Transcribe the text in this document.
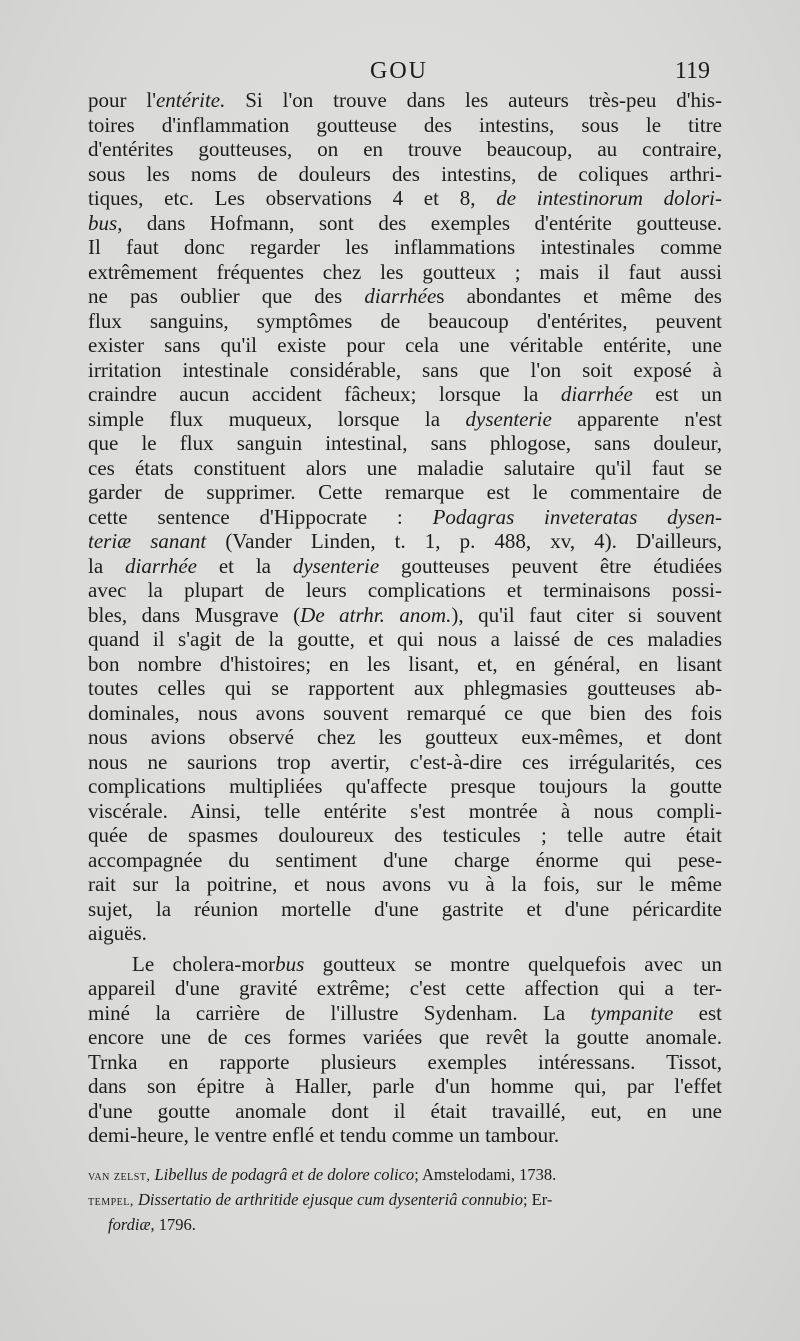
GOU	119
pour l'entérite. Si l'on trouve dans les auteurs très-peu d'his-
toires d'inflammation goutteuse des intestins, sous le titre
d'entérites goutteuses, on en trouve beaucoup, au contraire,
sous les noms de douleurs des intestins, de coliques arthri-
tiques, etc. Les observations 4 et 8, de intestinorum dolori-
bus, dans Hofmann, sont des exemples d'entérite goutteuse.
Il faut donc regarder les inflammations intestinales comme
extrêmement fréquentes chez les goutteux ; mais il faut aussi
ne pas oublier que des diarrhées abondantes et même des
flux sanguins, symptômes de beaucoup d'entérites, peuvent
exister sans qu'il existe pour cela une véritable entérite, une
irritation intestinale considérable, sans que l'on soit exposé à
craindre aucun accident fâcheux; lorsque la diarrhée est un
simple flux muqueux, lorsque la dysenterie apparente n'est
que le flux sanguin intestinal, sans phlogose, sans douleur,
ces états constituent alors une maladie salutaire qu'il faut se
garder de supprimer. Cette remarque est le commentaire de
cette sentence d'Hippocrate : Podagras inveteratas dysen-
teriæ sanant (Vander Linden, t. 1, p. 488, xv, 4). D'ailleurs,
la diarrhée et la dysenterie goutteuses peuvent être étudiées
avec la plupart de leurs complications et terminaisons possi-
bles, dans Musgrave (De atrhr. anom.), qu'il faut citer si souvent
quand il s'agit de la goutte, et qui nous a laissé de ces maladies
bon nombre d'histoires; en les lisant, et, en général, en lisant
toutes celles qui se rapportent aux phlegmasies goutteuses ab-
dominales, nous avons souvent remarqué ce que bien des fois
nous avions observé chez les goutteux eux-mêmes, et dont
nous ne saurions trop avertir, c'est-à-dire ces irrégularités, ces
complications multipliées qu'affecte presque toujours la goutte
viscérale. Ainsi, telle entérite s'est montrée à nous compli-
quée de spasmes douloureux des testicules ; telle autre était
accompagnée du sentiment d'une charge énorme qui pese-
rait sur la poitrine, et nous avons vu à la fois, sur le même
sujet, la réunion mortelle d'une gastrite et d'une péricardite
aiguës.
Le cholera-morbus goutteux se montre quelquefois avec un
appareil d'une gravité extrême; c'est cette affection qui a ter-
miné la carrière de l'illustre Sydenham. La tympanite est
encore une de ces formes variées que revêt la goutte anomale.
Trnka en rapporte plusieurs exemples intéressans. Tissot,
dans son épitre à Haller, parle d'un homme qui, par l'effet
d'une goutte anomale dont il était travaillé, eut, en une
demi-heure, le ventre enflé et tendu comme un tambour.
van zelst, Libellus de podagrâ et de dolore colico; Amstelodami, 1738.
tempel, Dissertatio de arthritide ejusque cum dysenteriâ connubio; Er-
fordiæ, 1796.
